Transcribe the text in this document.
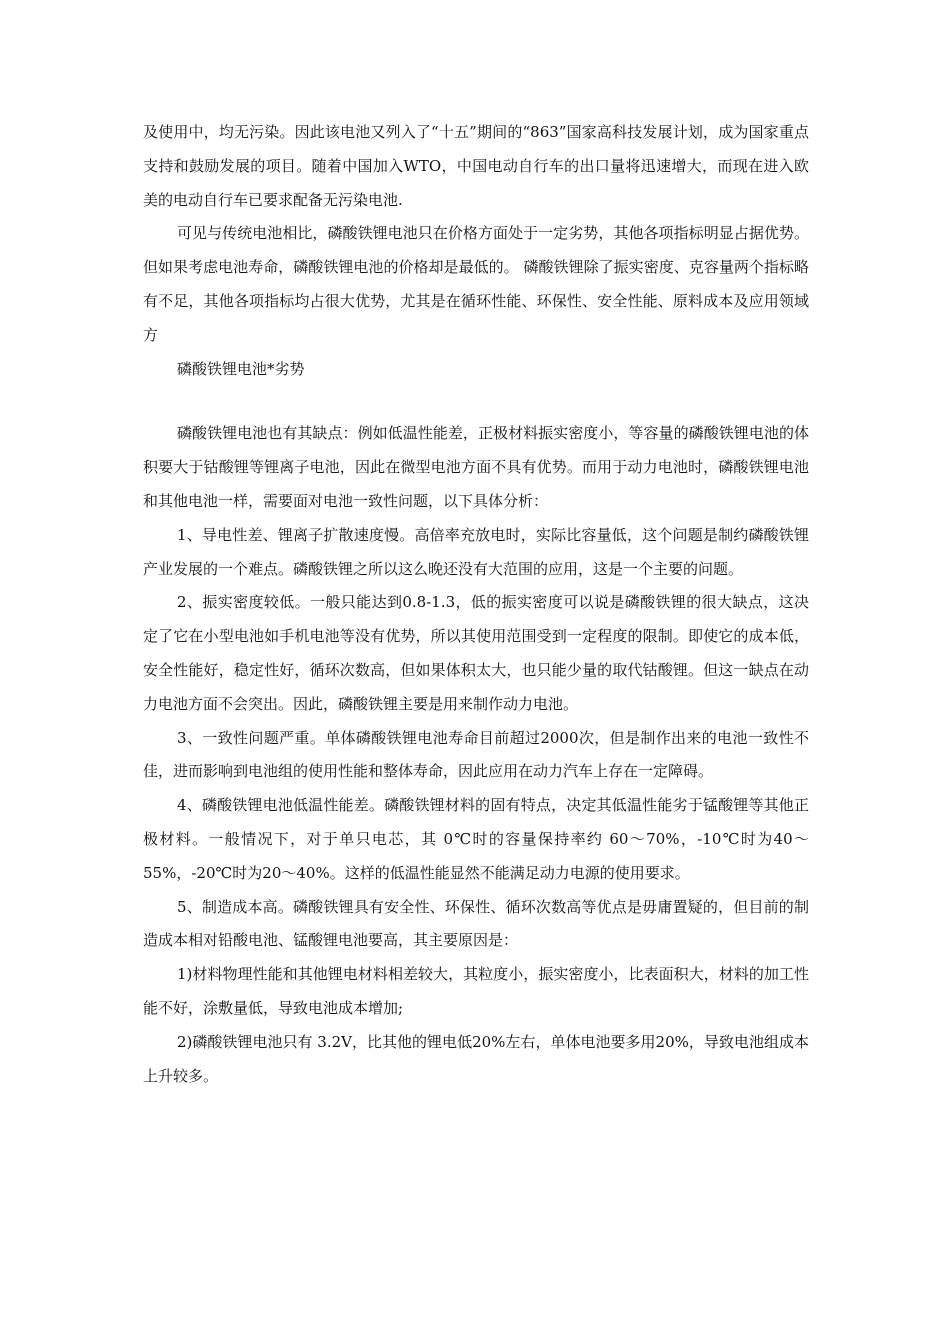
及使用中，均无污染。因此该电池又列入了“十五”期间的“863”国家高科技发展计划，成为国家重点支持和鼓励发展的项目。随着中国加入WTO，中国电动自行车的出口量将迅速增大，而现在进入欧美的电动自行车已要求配备无污染电池.

可见与传统电池相比，磷酸铁锂电池只在价格方面处于一定劣势，其他各项指标明显占据优势。但如果考虑电池寿命，磷酸铁锂电池的价格却是最低的。 磷酸铁锂除了振实密度、克容量两个指标略有不足，其他各项指标均占很大优势，尤其是在循环性能、环保性、安全性能、原料成本及应用领域方

磷酸铁锂电池*劣势

磷酸铁锂电池也有其缺点：例如低温性能差，正极材料振实密度小，等容量的磷酸铁锂电池的体积要大于钴酸锂等锂离子电池，因此在微型电池方面不具有优势。而用于动力电池时，磷酸铁锂电池和其他电池一样，需要面对电池一致性问题，以下具体分析：

1、导电性差、锂离子扩散速度慢。高倍率充放电时，实际比容量低，这个问题是制约磷酸铁锂产业发展的一个难点。磷酸铁锂之所以这么晚还没有大范围的应用，这是一个主要的问题。

2、振实密度较低。一般只能达到0.8-1.3，低的振实密度可以说是磷酸铁锂的很大缺点，这决定了它在小型电池如手机电池等没有优势，所以其使用范围受到一定程度的限制。即使它的成本低，安全性能好，稳定性好，循环次数高，但如果体积太大，也只能少量的取代钴酸锂。但这一缺点在动力电池方面不会突出。因此，磷酸铁锂主要是用来制作动力电池。

3、一致性问题严重。单体磷酸铁锂电池寿命目前超过2000次，但是制作出来的电池一致性不佳，进而影响到电池组的使用性能和整体寿命，因此应用在动力汽车上存在一定障碍。

4、磷酸铁锂电池低温性能差。磷酸铁锂材料的固有特点，决定其低温性能劣于锰酸锂等其他正极材料。一般情况下，对于单只电芯，其 0℃时的容量保持率约 60～70%，-10℃时为40～55%，-20℃时为20～40%。这样的低温性能显然不能满足动力电源的使用要求。

5、制造成本高。磷酸铁锂具有安全性、环保性、循环次数高等优点是毋庸置疑的，但目前的制造成本相对铅酸电池、锰酸锂电池要高，其主要原因是：

1)材料物理性能和其他锂电材料相差较大，其粒度小，振实密度小，比表面积大，材料的加工性能不好，涂敷量低，导致电池成本增加;

2)磷酸铁锂电池只有 3.2V，比其他的锂电低20%左右，单体电池要多用20%，导致电池组成本上升较多。
